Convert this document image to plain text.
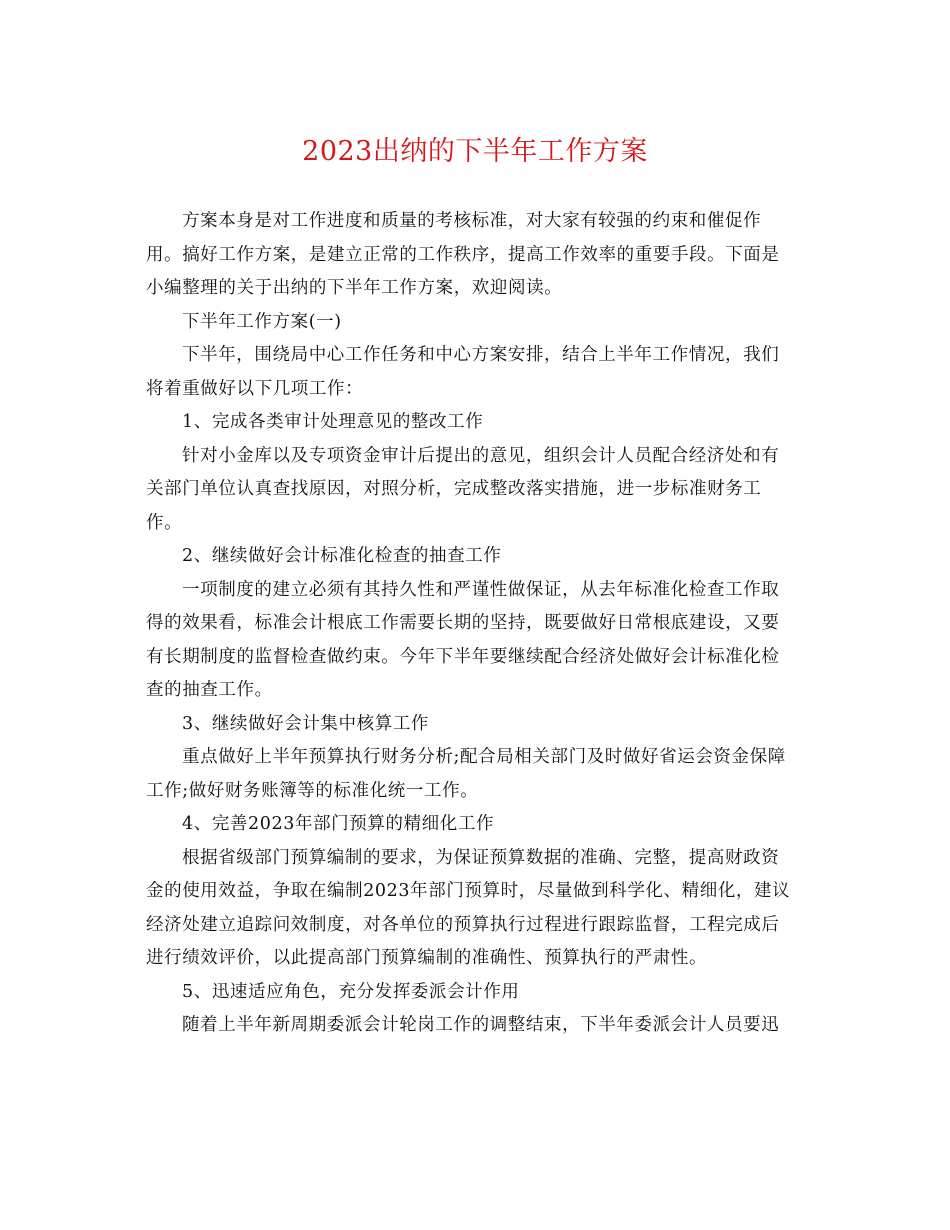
2023出纳的下半年工作方案
方案本身是对工作进度和质量的考核标准，对大家有较强的约束和催促作
用。搞好工作方案，是建立正常的工作秩序，提高工作效率的重要手段。下面是
小编整理的关于出纳的下半年工作方案，欢迎阅读。
下半年工作方案(一)
下半年，围绕局中心工作任务和中心方案安排，结合上半年工作情况，我们
将着重做好以下几项工作：
1、完成各类审计处理意见的整改工作
针对小金库以及专项资金审计后提出的意见，组织会计人员配合经济处和有
关部门单位认真查找原因，对照分析，完成整改落实措施，进一步标准财务工
作。
2、继续做好会计标准化检查的抽查工作
一项制度的建立必须有其持久性和严谨性做保证，从去年标准化检查工作取
得的效果看，标准会计根底工作需要长期的坚持，既要做好日常根底建设，又要
有长期制度的监督检查做约束。今年下半年要继续配合经济处做好会计标准化检
查的抽查工作。
3、继续做好会计集中核算工作
重点做好上半年预算执行财务分析;配合局相关部门及时做好省运会资金保障
工作;做好财务账簿等的标准化统一工作。
4、完善2023年部门预算的精细化工作
根据省级部门预算编制的要求，为保证预算数据的准确、完整，提高财政资
金的使用效益，争取在编制2023年部门预算时，尽量做到科学化、精细化，建议
经济处建立追踪问效制度，对各单位的预算执行过程进行跟踪监督，工程完成后
进行绩效评价，以此提高部门预算编制的准确性、预算执行的严肃性。
5、迅速适应角色，充分发挥委派会计作用
随着上半年新周期委派会计轮岗工作的调整结束，下半年委派会计人员要迅
